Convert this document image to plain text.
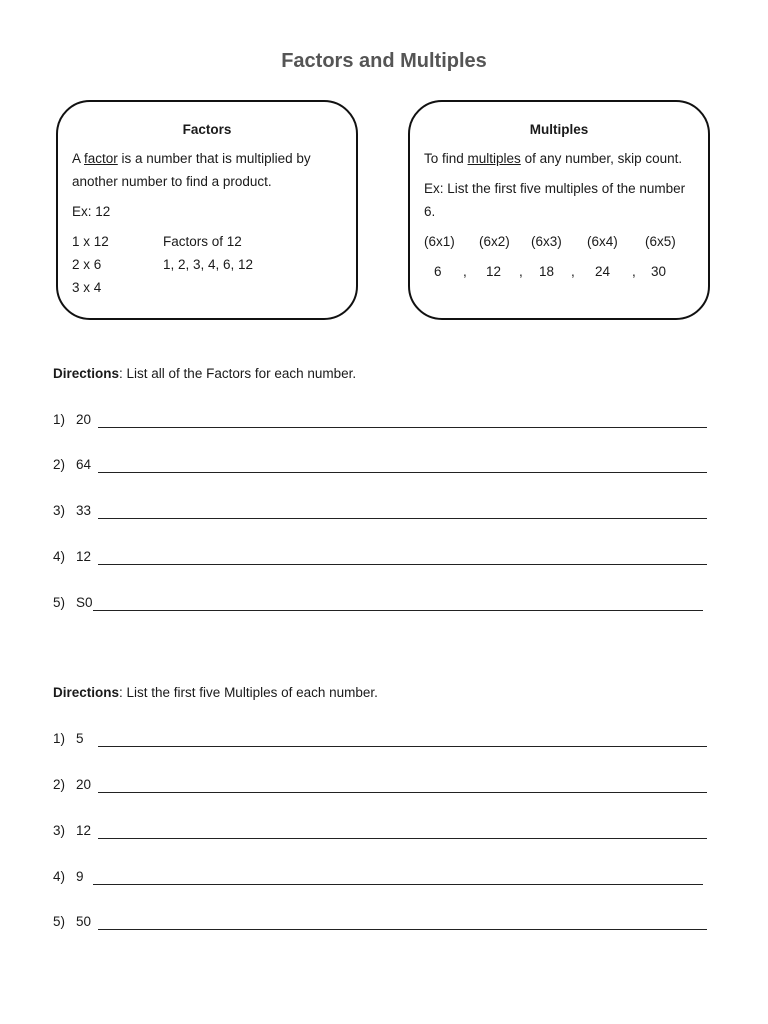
Factors and Multiples
Factors
A factor is a number that is multiplied by
another number to find a product.
Ex: 12
1 x 12
2 x 6
3 x 4
Factors of 12
1, 2, 3, 4, 6, 12
Multiples
To find multiples of any number, skip count.
Ex: List the first five multiples of the number
6.
(6x1) (6x2) (6x3) (6x4) (6x5)
6 , 12 , 18 , 24 , 30
Directions: List all of the Factors for each number.
1) 20
2) 64
3) 33
4) 12
5) S0
Directions: List the first five Multiples of each number.
1) 5
2) 20
3) 12
4) 9
5) 50
